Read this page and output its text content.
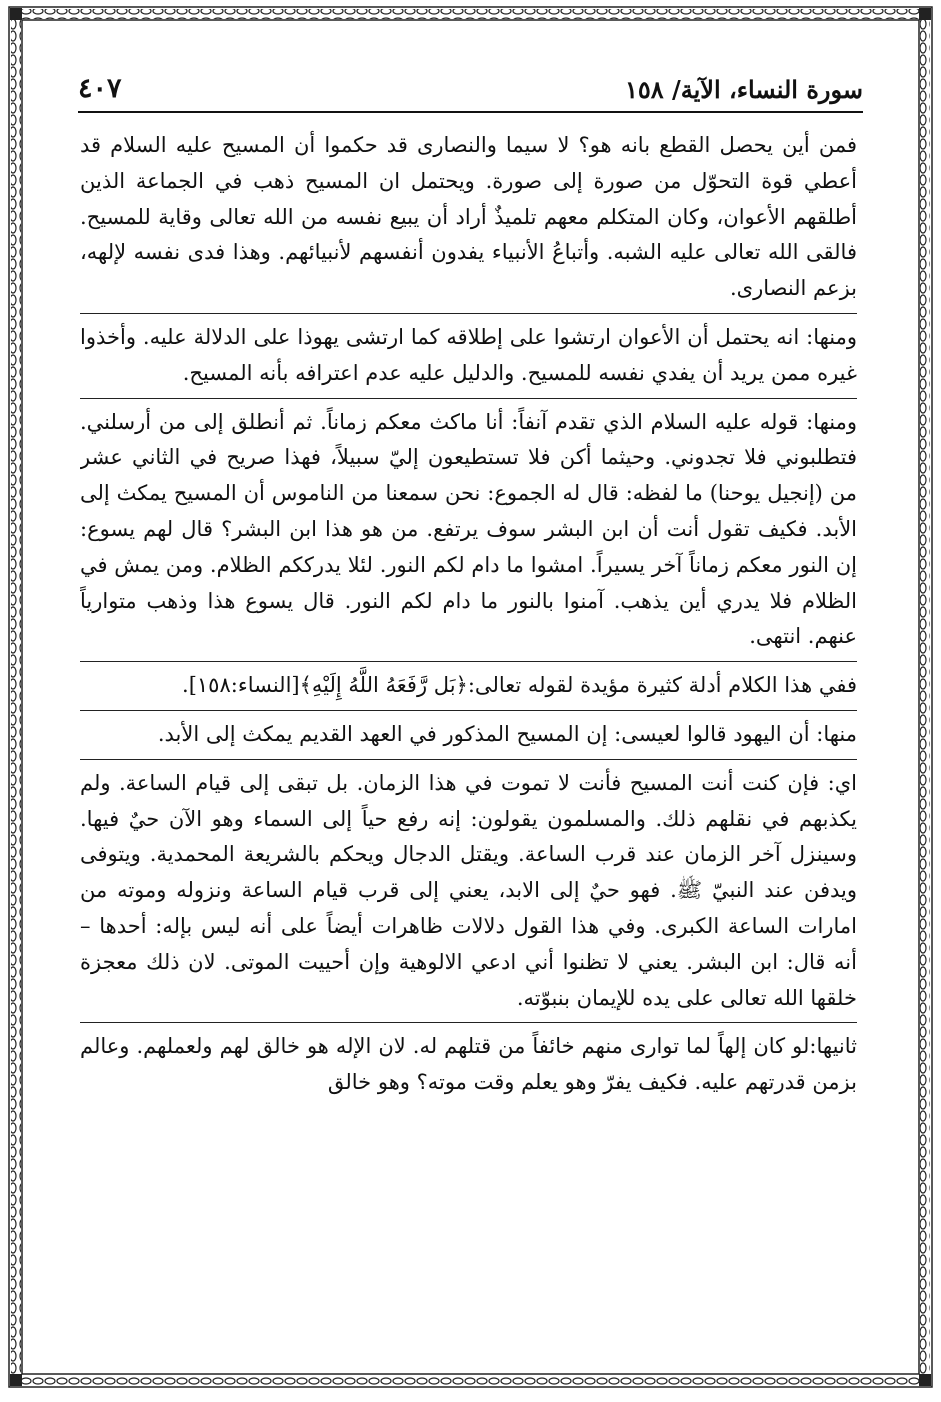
سورة النساء، الآية/ ١٥٨
٤٠٧

فمن أين يحصل القطع بانه هو؟ لا سيما والنصارى قد حكموا أن المسيح عليه السلام قد أعطي قوة التحوّل من صورة إلى صورة. ويحتمل ان المسيح ذهب في الجماعة الذين أطلقهم الأعوان، وكان المتكلم معهم تلميذٌ أراد أن يبيع نفسه من الله تعالى وقاية للمسيح. فالقى الله تعالى عليه الشبه. وأتباعُ الأنبياء يفدون أنفسهم لأنبيائهم. وهذا فدى نفسه لإلهه، بزعم النصارى.

ومنها: انه يحتمل أن الأعوان ارتشوا على إطلاقه كما ارتشى يهوذا على الدلالة عليه. وأخذوا غيره ممن يريد أن يفدي نفسه للمسيح. والدليل عليه عدم اعترافه بأنه المسيح.

ومنها: قوله عليه السلام الذي تقدم آنفاً: أنا ماكث معكم زماناً. ثم أنطلق إلى من أرسلني. فتطلبوني فلا تجدوني. وحيثما أكن فلا تستطيعون إليّ سبيلاً، فهذا صريح في الثاني عشر من (إنجيل يوحنا) ما لفظه: قال له الجموع: نحن سمعنا من الناموس أن المسيح يمكث إلى الأبد. فكيف تقول أنت أن ابن البشر سوف يرتفع. من هو هذا ابن البشر؟ قال لهم يسوع: إن النور معكم زماناً آخر يسيراً. امشوا ما دام لكم النور. لئلا يدرككم الظلام. ومن يمش في الظلام فلا يدري أين يذهب. آمنوا بالنور ما دام لكم النور. قال يسوع هذا وذهب متوارياً عنهم. انتهى.

ففي هذا الكلام أدلة كثيرة مؤيدة لقوله تعالى:﴿بَل رَّفَعَهُ اللَّهُ إِلَيْهِ﴾[النساء:١٥٨].

منها: أن اليهود قالوا لعيسى: إن المسيح المذكور في العهد القديم يمكث إلى الأبد.

اي: فإن كنت أنت المسيح فأنت لا تموت في هذا الزمان. بل تبقى إلى قيام الساعة. ولم يكذبهم في نقلهم ذلك. والمسلمون يقولون: إنه رفع حياً إلى السماء وهو الآن حيٌ فيها. وسينزل آخر الزمان عند قرب الساعة. ويقتل الدجال ويحكم بالشريعة المحمدية. ويتوفى ويدفن عند النبيّ ﷺ. فهو حيٌ إلى الابد، يعني إلى قرب قيام الساعة ونزوله وموته من امارات الساعة الكبرى. وفي هذا القول دلالات ظاهرات أيضاً على أنه ليس بإله: أحدها – أنه قال: ابن البشر. يعني لا تظنوا أني ادعي الالوهية وإن أحييت الموتى. لان ذلك معجزة خلقها الله تعالى على يده للإيمان بنبوّته.

ثانيها:لو كان إلهاً لما توارى منهم خائفاً من قتلهم له. لان الإله هو خالق لهم ولعملهم. وعالم بزمن قدرتهم عليه. فكيف يفرّ وهو يعلم وقت موته؟ وهو خالق
